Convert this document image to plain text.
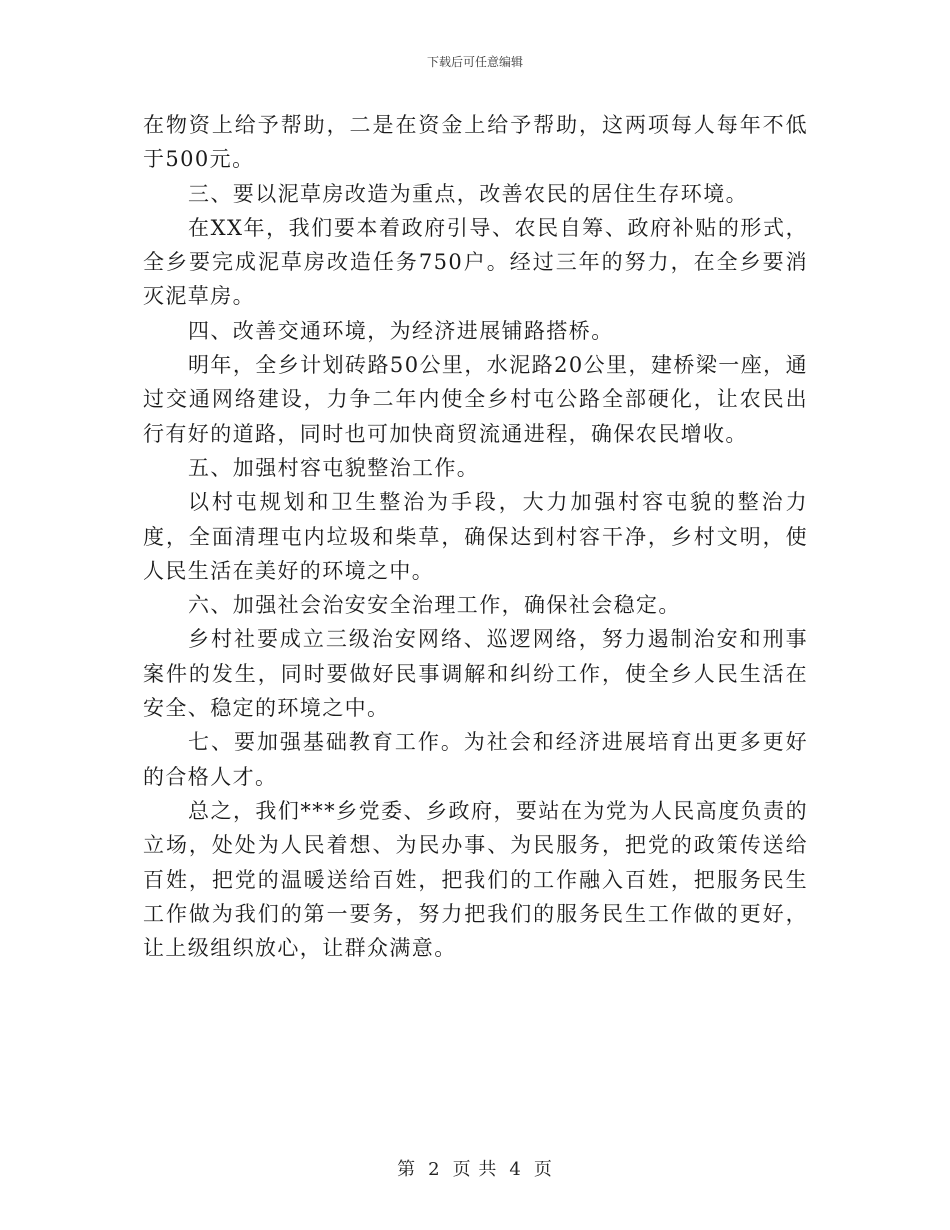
下载后可任意编辑

在物资上给予帮助，二是在资金上给予帮助，这两项每人每年不低于500元。

三、要以泥草房改造为重点，改善农民的居住生存环境。

在XX年，我们要本着政府引导、农民自筹、政府补贴的形式，全乡要完成泥草房改造任务750户。经过三年的努力，在全乡要消灭泥草房。

四、改善交通环境，为经济进展铺路搭桥。

明年，全乡计划砖路50公里，水泥路20公里，建桥梁一座，通过交通网络建设，力争二年内使全乡村屯公路全部硬化，让农民出行有好的道路，同时也可加快商贸流通进程，确保农民增收。

五、加强村容屯貌整治工作。

以村屯规划和卫生整治为手段，大力加强村容屯貌的整治力度，全面清理屯内垃圾和柴草，确保达到村容干净，乡村文明，使人民生活在美好的环境之中。

六、加强社会治安安全治理工作，确保社会稳定。

乡村社要成立三级治安网络、巡逻网络，努力遏制治安和刑事案件的发生，同时要做好民事调解和纠纷工作，使全乡人民生活在安全、稳定的环境之中。

七、要加强基础教育工作。为社会和经济进展培育出更多更好的合格人才。

总之，我们***乡党委、乡政府，要站在为党为人民高度负责的立场，处处为人民着想、为民办事、为民服务，把党的政策传送给百姓，把党的温暖送给百姓，把我们的工作融入百姓，把服务民生工作做为我们的第一要务，努力把我们的服务民生工作做的更好，让上级组织放心，让群众满意。

第 2 页 共 4 页
